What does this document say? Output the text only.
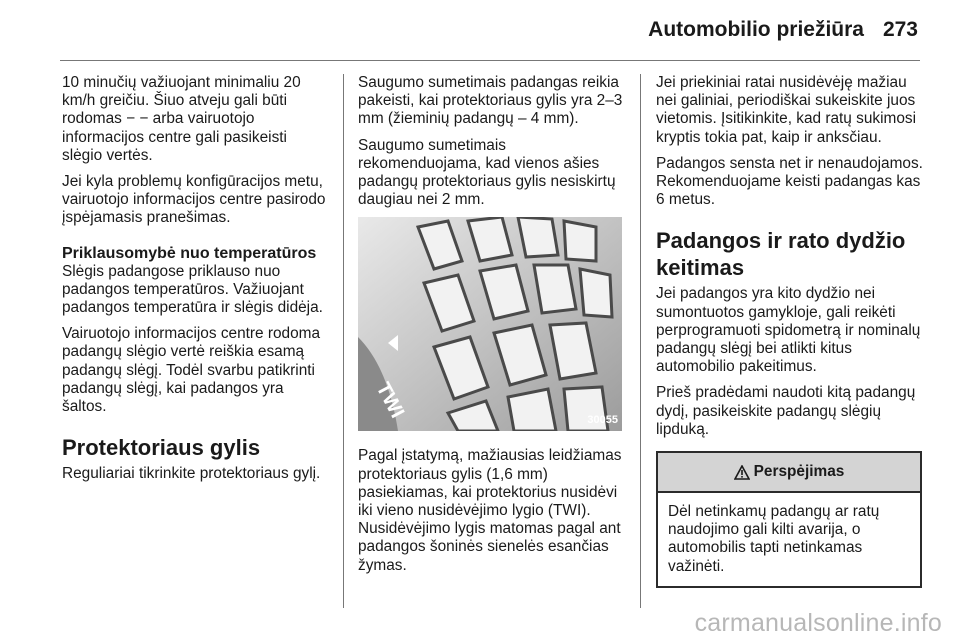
Automobilio priežiūra 273

10 minučių važiuojant minimaliu 20 km/h greičiu. Šiuo atveju gali būti rodomas − − arba vairuotojo informacijos centre gali pasikeisti slėgio vertės.

Jei kyla problemų konfigūracijos metu, vairuotojo informacijos centre pasirodo įspėjamasis pranešimas.

Priklausomybė nuo temperatūros

Slėgis padangose priklauso nuo padangos temperatūros. Važiuojant padangos temperatūra ir slėgis didėja.

Vairuotojo informacijos centre rodoma padangų slėgio vertė reiškia esamą padangų slėgį. Todėl svarbu patikrinti padangų slėgį, kai padangos yra šaltos.

Protektoriaus gylis

Reguliariai tikrinkite protektoriaus gylį.

Saugumo sumetimais padangas reikia pakeisti, kai protektoriaus gylis yra 2–3 mm (žieminių padangų – 4 mm).

Saugumo sumetimais rekomenduojama, kad vienos ašies padangų protektoriaus gylis nesiskirtų daugiau nei 2 mm.

TWI	30055

Pagal įstatymą, mažiausias leidžiamas protektoriaus gylis (1,6 mm) pasiekiamas, kai protektorius nusidėvi iki vieno nusidėvėjimo lygio (TWI). Nusidėvėjimo lygis matomas pagal ant padangos šoninės sienelės esančias žymas.

Jei priekiniai ratai nusidėvėję mažiau nei galiniai, periodiškai sukeiskite juos vietomis. Įsitikinkite, kad ratų sukimosi kryptis tokia pat, kaip ir anksčiau.

Padangos sensta net ir nenaudojamos. Rekomenduojame keisti padangas kas 6 metus.

Padangos ir rato dydžio keitimas

Jei padangos yra kito dydžio nei sumontuotos gamykloje, gali reikėti perprogramuoti spidometrą ir nominalų padangų slėgį bei atlikti kitus automobilio pakeitimus.

Prieš pradėdami naudoti kitą padangų dydį, pasikeiskite padangų slėgių lipduką.

Perspėjimas
Dėl netinkamų padangų ar ratų naudojimo gali kilti avarija, o automobilis tapti netinkamas važinėti.
carmanualsonline.info
